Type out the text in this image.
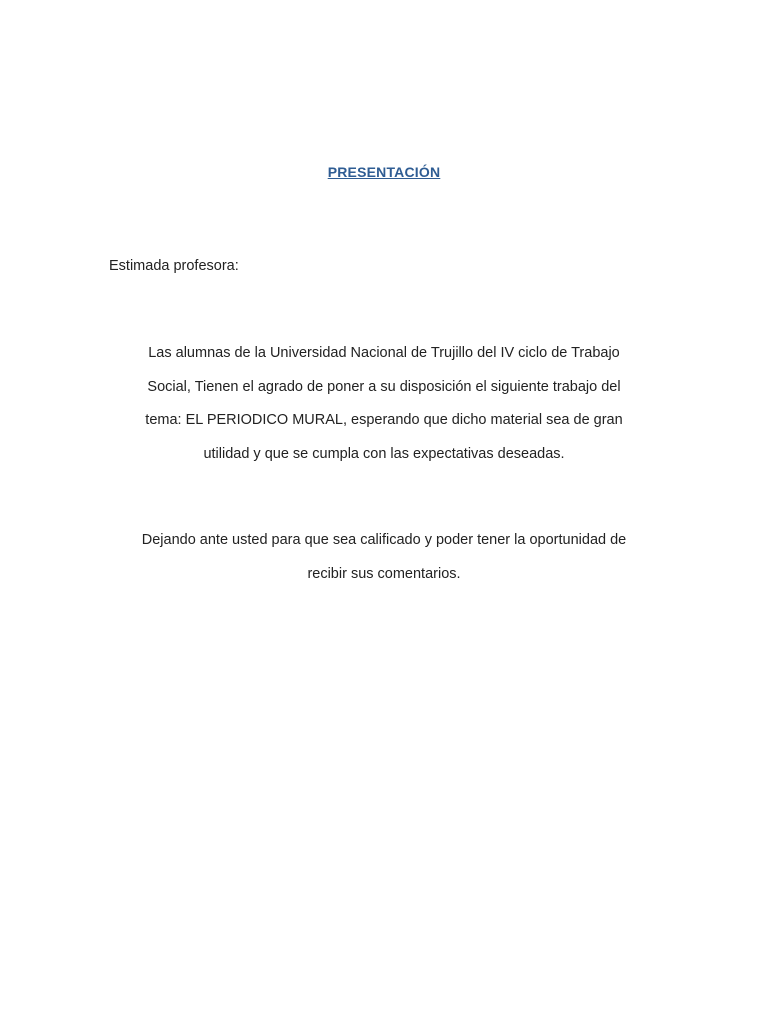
PRESENTACIÓN
Estimada profesora:
Las alumnas de la Universidad Nacional de Trujillo del IV ciclo de Trabajo
Social, Tienen el agrado de poner a su disposición el siguiente trabajo del
tema: EL PERIODICO MURAL, esperando que dicho material sea de gran
utilidad y que se cumpla con las expectativas deseadas.
Dejando ante usted para que sea calificado y poder tener la oportunidad de
recibir sus comentarios.
